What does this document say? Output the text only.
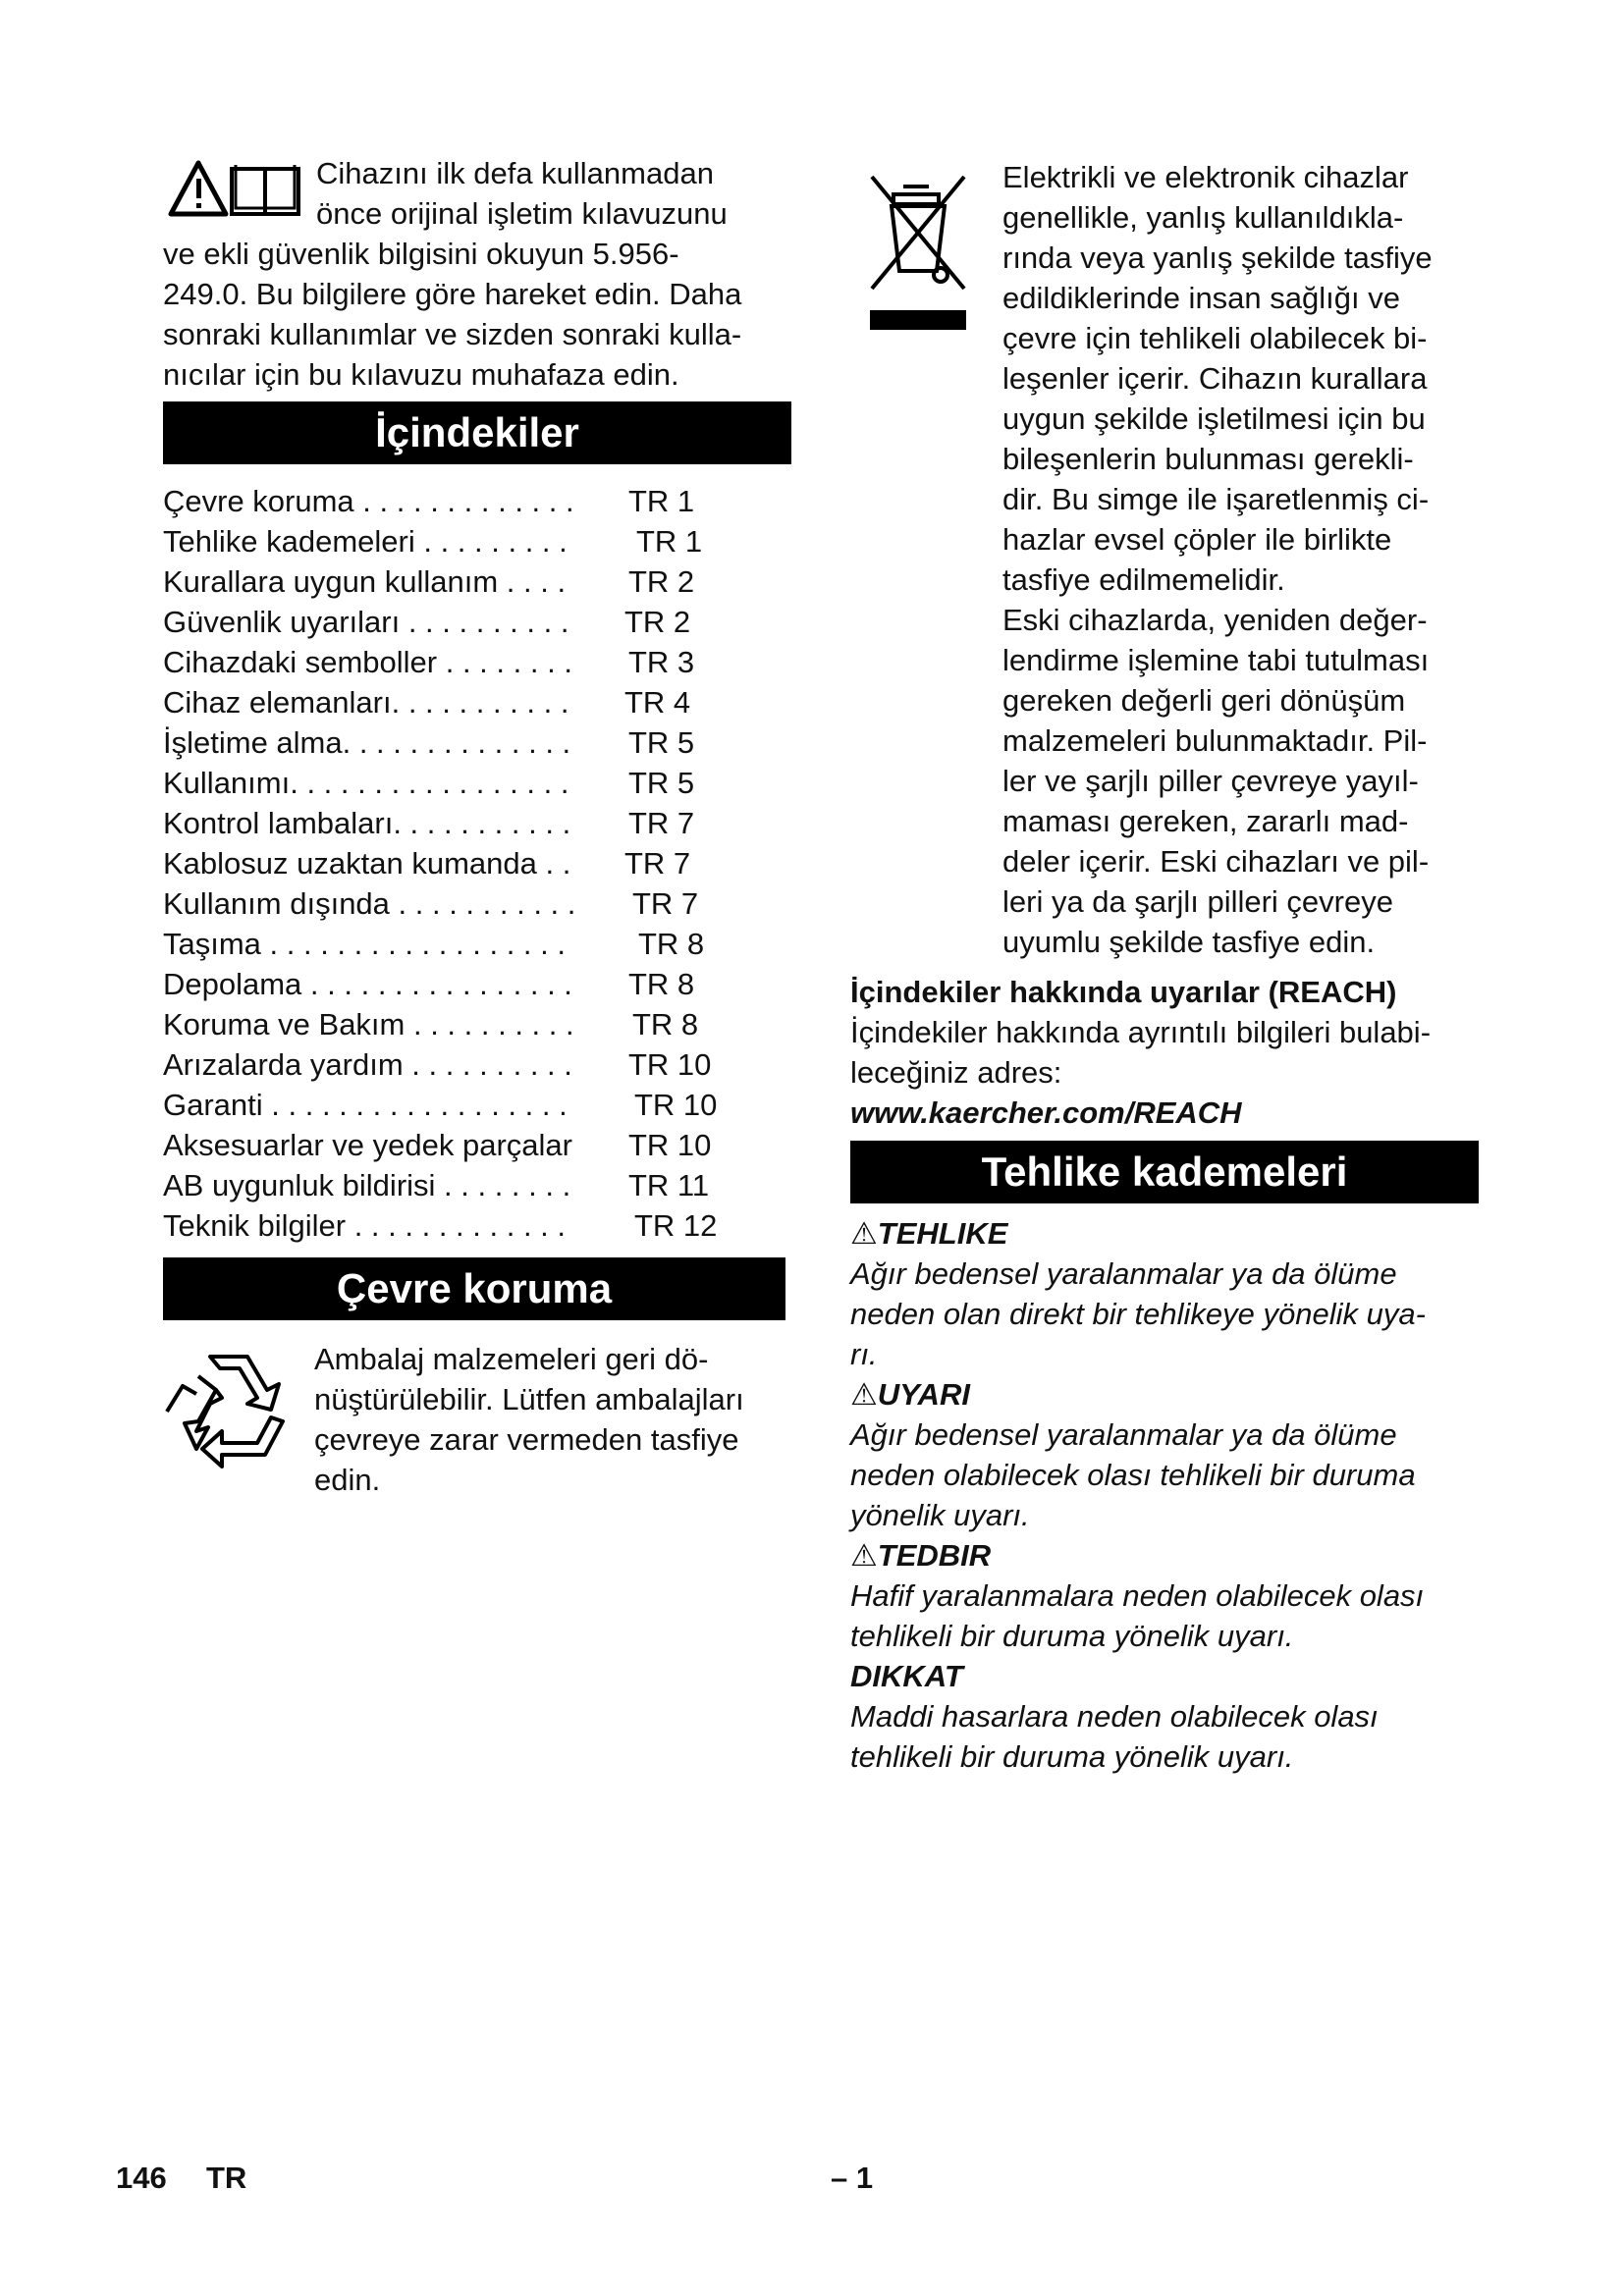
Cihazını ilk defa kullanmadan
önce orijinal işletim kılavuzunu
ve ekli güvenlik bilgisini okuyun 5.956-
249.0. Bu bilgilere göre hareket edin. Daha
sonraki kullanımlar ve sizden sonraki kulla-
nıcılar için bu kılavuzu muhafaza edin.
İçindekiler
Çevre koruma . . . . . . . . . . . . . TR 1
Tehlike kademeleri . . . . . . . . . TR 1
Kurallara uygun kullanım . . . . TR 2
Güvenlik uyarıları . . . . . . . . . . TR 2
Cihazdaki semboller . . . . . . . . TR 3
Cihaz elemanları. . . . . . . . . . . TR 4
İşletime alma. . . . . . . . . . . . . . TR 5
Kullanımı. . . . . . . . . . . . . . . . . TR 5
Kontrol lambaları. . . . . . . . . . . TR 7
Kablosuz uzaktan kumanda . . TR 7
Kullanım dışında . . . . . . . . . . . TR 7
Taşıma . . . . . . . . . . . . . . . . . . TR 8
Depolama . . . . . . . . . . . . . . . . TR 8
Koruma ve Bakım . . . . . . . . . . TR 8
Arızalarda yardım . . . . . . . . . . TR 10
Garanti . . . . . . . . . . . . . . . . . . TR 10
Aksesuarlar ve yedek parçalar TR 10
AB uygunluk bildirisi . . . . . . . . TR 11
Teknik bilgiler . . . . . . . . . . . . . TR 12
Çevre koruma
Ambalaj malzemeleri geri dö-
nüştürülebilir. Lütfen ambalajları
çevreye zarar vermeden tasfiye
edin.
Elektrikli ve elektronik cihazlar
genellikle, yanlış kullanıldıkla-
rında veya yanlış şekilde tasfiye
edildiklerinde insan sağlığı ve
çevre için tehlikeli olabilecek bi-
leşenler içerir. Cihazın kurallara
uygun şekilde işletilmesi için bu
bileşenlerin bulunması gerekli-
dir. Bu simge ile işaretlenmiş ci-
hazlar evsel çöpler ile birlikte
tasfiye edilmemelidir.
Eski cihazlarda, yeniden değer-
lendirme işlemine tabi tutulması
gereken değerli geri dönüşüm
malzemeleri bulunmaktadır. Pil-
ler ve şarjlı piller çevreye yayıl-
maması gereken, zararlı mad-
deler içerir. Eski cihazları ve pil-
leri ya da şarjlı pilleri çevreye
uyumlu şekilde tasfiye edin.
İçindekiler hakkında uyarılar (REACH)
İçindekiler hakkında ayrıntılı bilgileri bulabi-
leceğiniz adres:
www.kaercher.com/REACH
Tehlike kademeleri
⚠TEHLIKE
Ağır bedensel yaralanmalar ya da ölüme
neden olan direkt bir tehlikeye yönelik uya-
rı.
⚠UYARI
Ağır bedensel yaralanmalar ya da ölüme
neden olabilecek olası tehlikeli bir duruma
yönelik uyarı.
⚠TEDBIR
Hafif yaralanmalara neden olabilecek olası
tehlikeli bir duruma yönelik uyarı.
DIKKAT
Maddi hasarlara neden olabilecek olası
tehlikeli bir duruma yönelik uyarı.
146 TR	– 1
